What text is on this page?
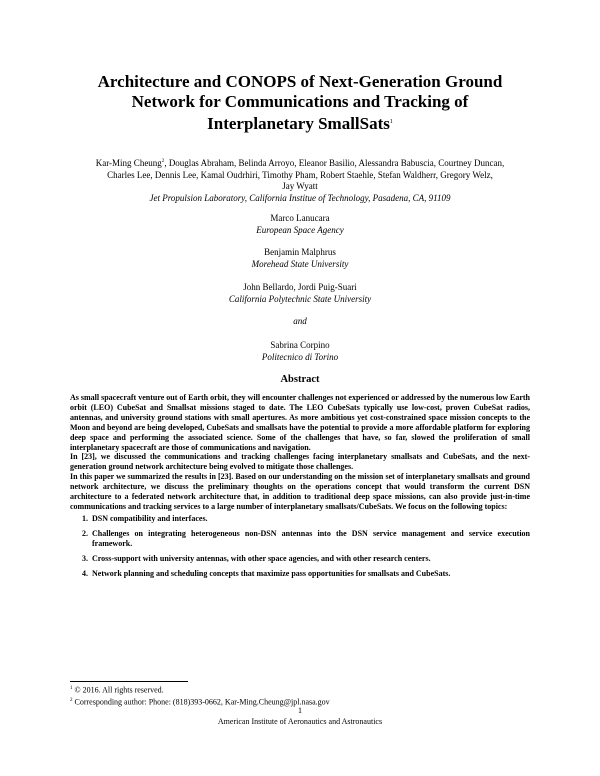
Architecture and CONOPS of Next-Generation Ground
Network for Communications and Tracking of
Interplanetary SmallSats$^1$
Kar-Ming Cheung$^2$, Douglas Abraham, Belinda Arroyo, Eleanor Basilio, Alessandra Babuscia, Courtney Duncan,
Charles Lee, Dennis Lee, Kamal Oudrhiri, Timothy Pham, Robert Staehle, Stefan Waldherr, Gregory Welz,
Jay Wyatt
Jet Propulsion Laboratory, California Institue of Technology, Pasadena, CA, 91109
Marco Lanucara
European Space Agency
Benjamin Malphrus
Morehead State University
John Bellardo, Jordi Puig-Suari
California Polytechnic State University
and
Sabrina Corpino
Politecnico di Torino
Abstract

As small spacecraft venture out of Earth orbit, they will encounter challenges not experienced or addressed by the numerous low Earth orbit (LEO) CubeSat and Smallsat missions staged to date. The LEO CubeSats typically use low-cost, proven CubeSat radios, antennas, and university ground stations with small apertures. As more ambitious yet cost-constrained space mission concepts to the Moon and beyond are being developed, CubeSats and smallsats have the potential to provide a more affordable platform for exploring deep space and performing the associated science. Some of the challenges that have, so far, slowed the proliferation of small interplanetary spacecraft are those of communications and navigation.

In [23], we discussed the communications and tracking challenges facing interplanetary smallsats and CubeSats, and the next-generation ground network architecture being evolved to mitigate those challenges.

In this paper we summarized the results in [23]. Based on our understanding on the mission set of interplanetary smallsats and ground network architecture, we discuss the preliminary thoughts on the operations concept that would transform the current DSN architecture to a federated network architecture that, in addition to traditional deep space missions, can also provide just-in-time communications and tracking services to a large number of interplanetary smallsats/CubeSats. We focus on the following topics:

1. DSN compatibility and interfaces.
2. Challenges on integrating heterogeneous non-DSN antennas into the DSN service management and service execution framework.
3. Cross-support with university antennas, with other space agencies, and with other research centers.
4. Network planning and scheduling concepts that maximize pass opportunities for smallsats and CubeSats.
$^1$ © 2016. All rights reserved.
$^2$ Corresponding author: Phone: (818)393-0662, Kar-Ming.Cheung@jpl.nasa.gov
1
American Institute of Aeronautics and Astronautics
